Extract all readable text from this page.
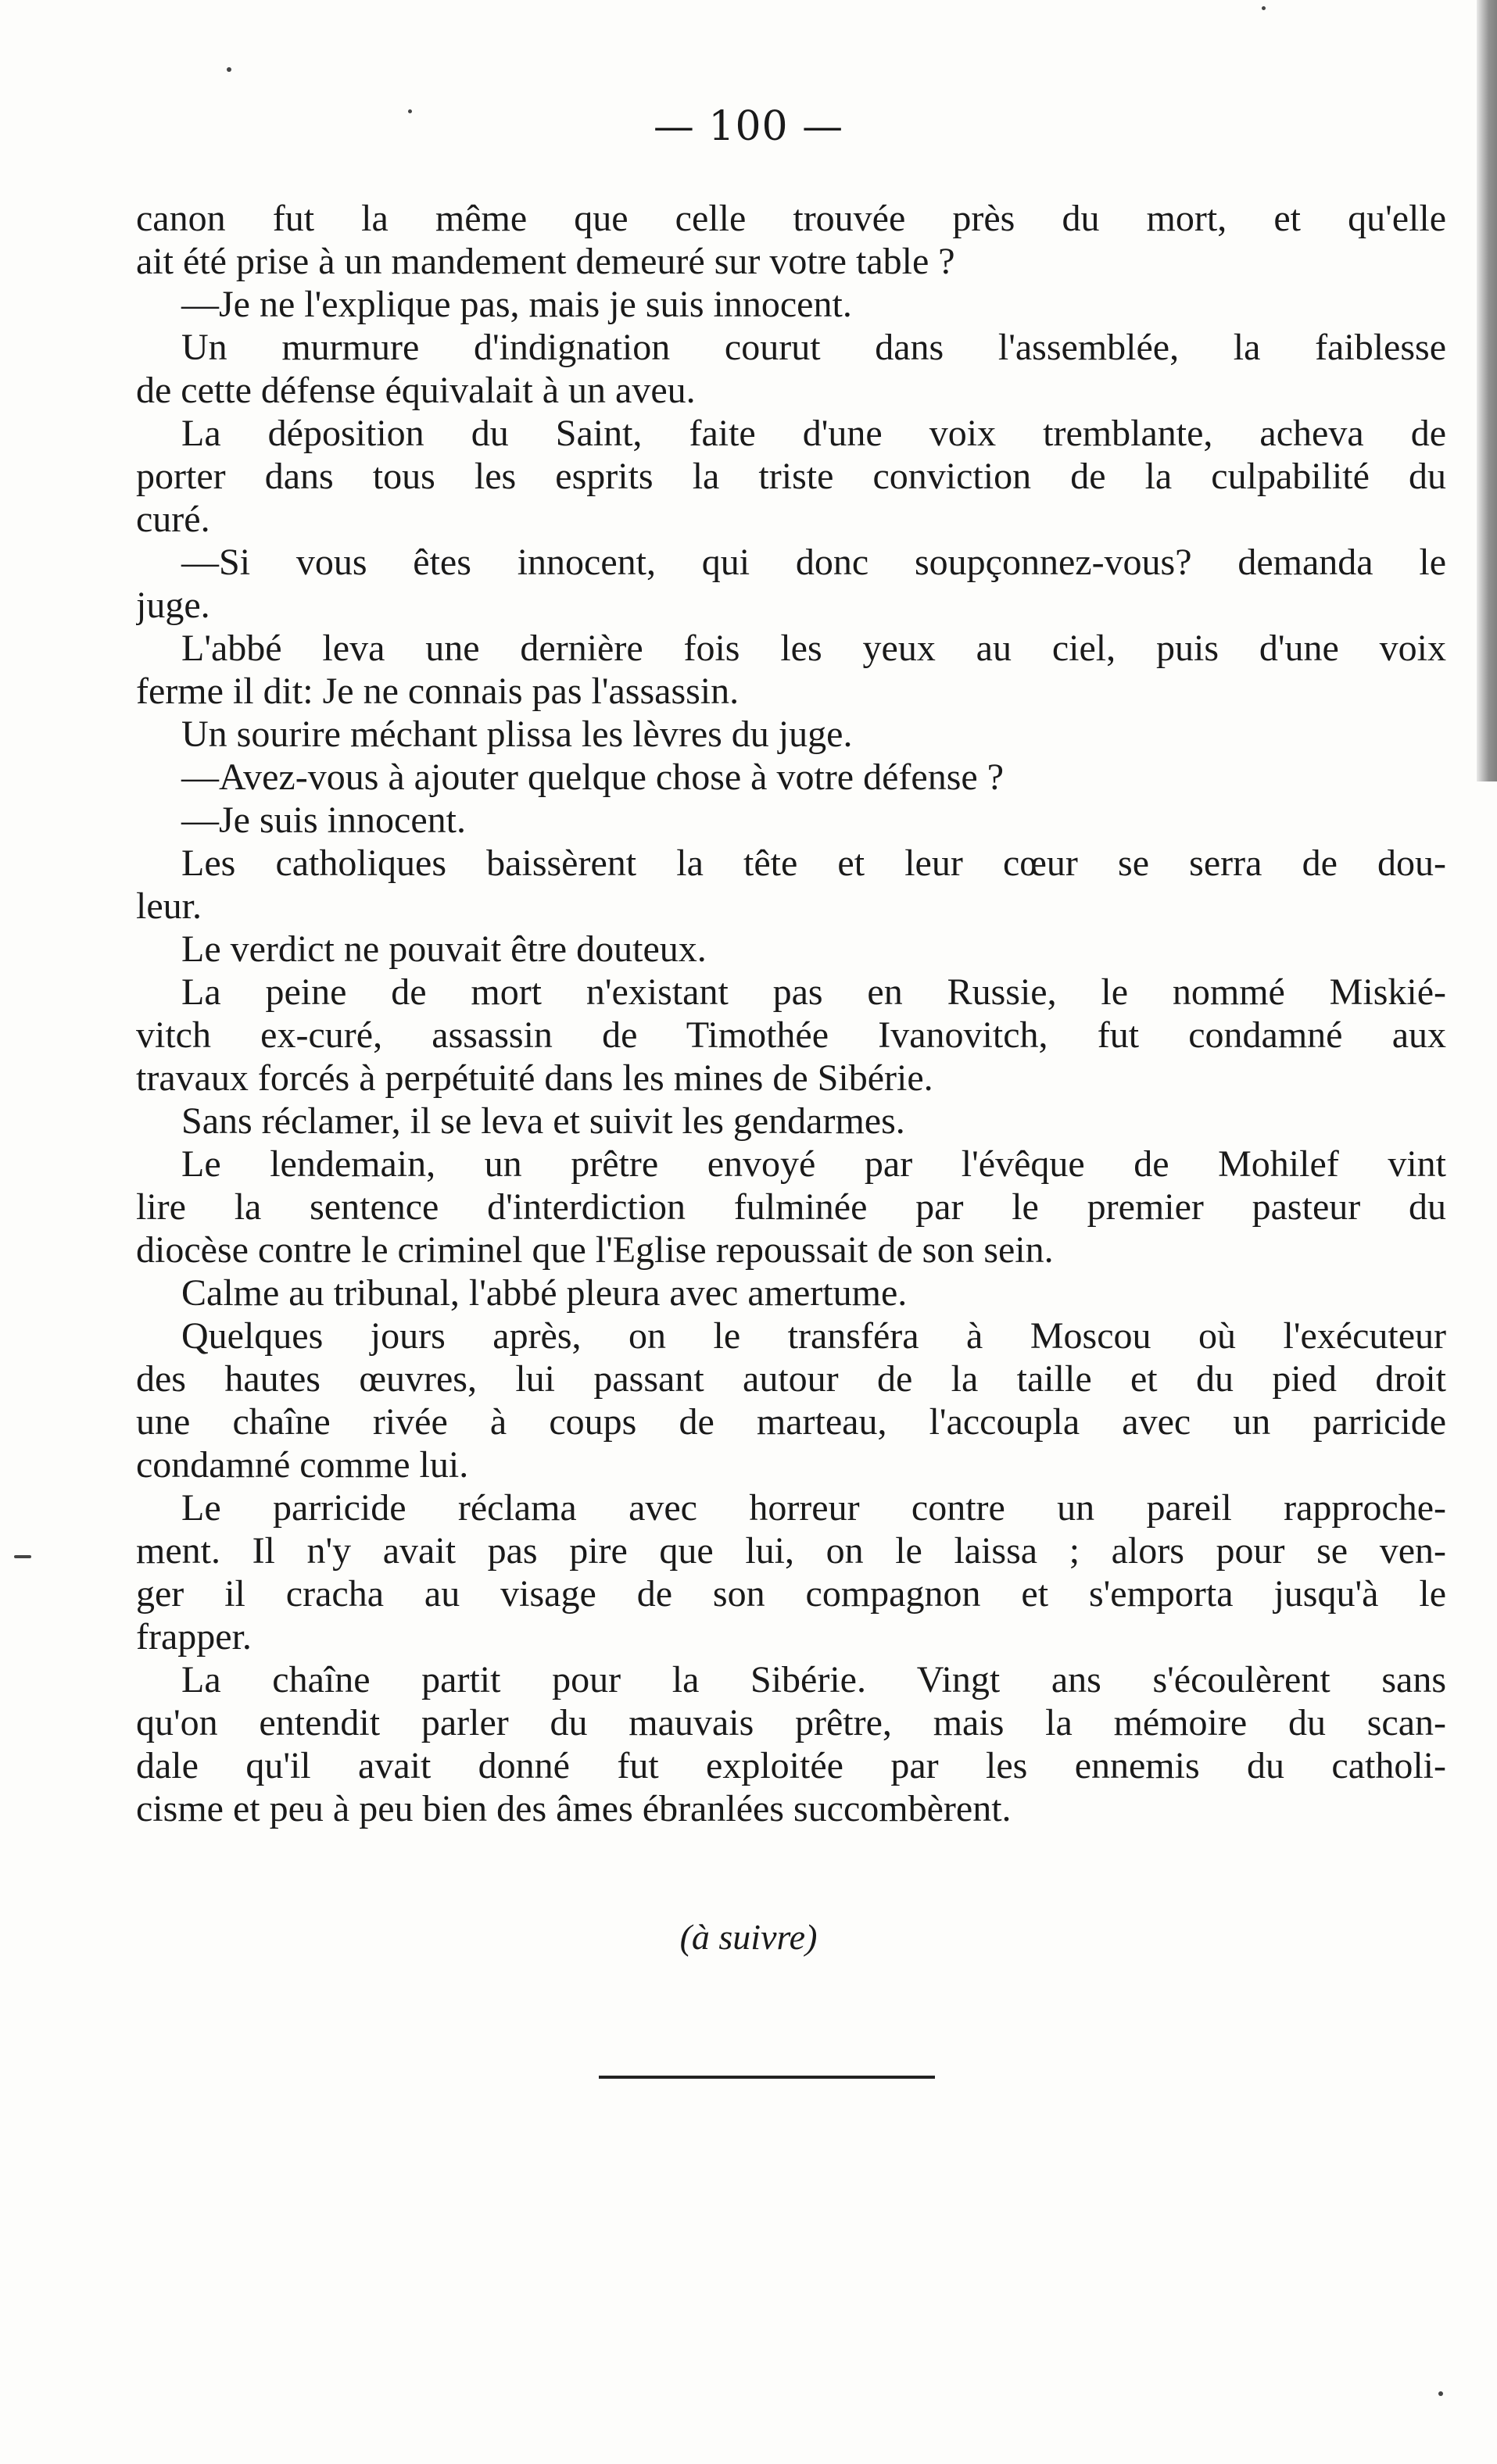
— 100 —
canon fut la même que celle trouvée près du mort, et qu'elle
ait été prise à un mandement demeuré sur votre table ?
—Je ne l'explique pas, mais je suis innocent.
Un murmure d'indignation courut dans l'assemblée, la faiblesse
de cette défense équivalait à un aveu.
La déposition du Saint, faite d'une voix tremblante, acheva de
porter dans tous les esprits la triste conviction de la culpabilité du
curé.
—Si vous êtes innocent, qui donc soupçonnez-vous? demanda le
juge.
L'abbé leva une dernière fois les yeux au ciel, puis d'une voix
ferme il dit: Je ne connais pas l'assassin.
Un sourire méchant plissa les lèvres du juge.
—Avez-vous à ajouter quelque chose à votre défense ?
—Je suis innocent.
Les catholiques baissèrent la tête et leur cœur se serra de dou-
leur.
Le verdict ne pouvait être douteux.
La peine de mort n'existant pas en Russie, le nommé Miskié-
vitch ex-curé, assassin de Timothée Ivanovitch, fut condamné aux
travaux forcés à perpétuité dans les mines de Sibérie.
Sans réclamer, il se leva et suivit les gendarmes.
Le lendemain, un prêtre envoyé par l'évêque de Mohilef vint
lire la sentence d'interdiction fulminée par le premier pasteur du
diocèse contre le criminel que l'Eglise repoussait de son sein.
Calme au tribunal, l'abbé pleura avec amertume.
Quelques jours après, on le transféra à Moscou où l'exécuteur
des hautes œuvres, lui passant autour de la taille et du pied droit
une chaîne rivée à coups de marteau, l'accoupla avec un parricide
condamné comme lui.
Le parricide réclama avec horreur contre un pareil rapproche-
ment. Il n'y avait pas pire que lui, on le laissa ; alors pour se ven-
ger il cracha au visage de son compagnon et s'emporta jusqu'à le
frapper.
La chaîne partit pour la Sibérie. Vingt ans s'écoulèrent sans
qu'on entendit parler du mauvais prêtre, mais la mémoire du scan-
dale qu'il avait donné fut exploitée par les ennemis du catholi-
cisme et peu à peu bien des âmes ébranlées succombèrent.
(à suivre)
